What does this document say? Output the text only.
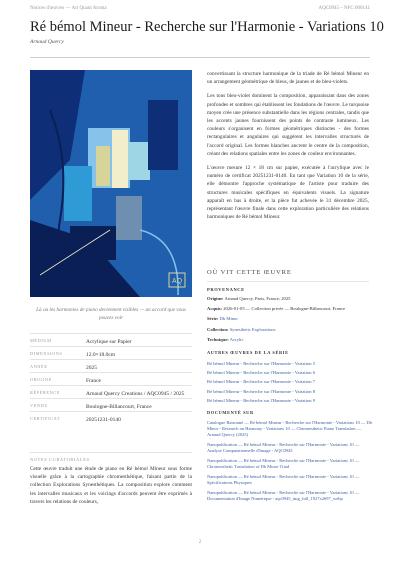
Notices d'œuvres — Art Quant Aroma	AQC0945 – NFC 000141
Ré bémol Mineur - Recherche sur l'Harmonie - Variations 10
Arnaud Quercy
AQ
Là où les harmonies de piano deviennent visibles — un accord que vous pouvez voir
MÉDIUM	Acrylique sur Papier
DIMENSIONS	12.0×18.0cm
ANNÉE	2025
ORIGINE	France
RÉFÉRENCE	Arnaud Quercy Creations / AQC0945 / 2025
VENDU	Boulogne-Billancourt, France
CERTIFICAT	20251231-0140
NOTES CURATORIALES

Cette œuvre traduit une étude de piano en Ré bémol Mineur sous forme visuelle grâce à la cartographie chromesthétique, faisant partie de la collection Explorations Synesthétiques. La composition explore comment les intervalles musicaux et les voicings d'accords peuvent être exprimés à travers les relations de couleurs,

convertissant la structure harmonique de la triade de Ré bémol Mineur en un arrangement géométrique de bleus, de jaunes et de bleu-violets.

Les tons bleu-violet dominent la composition, apparaissant dans des zones profondes et sombres qui établissent les fondations de l'œuvre. Le turquoise moyen crée une présence substantielle dans les régions centrales, tandis que les accents jaunes fournissent des points de contraste lumineux. Les couleurs s'organisent en formes géométriques distinctes - des formes rectangulaires et angulaires qui suggèrent les intervalles structurés de l'accord original. Les formes blanches ancrent le centre de la composition, créant des relations spatiales entre les zones de couleur environnantes.

L'œuvre mesure 12 × 18 cm sur papier, exécutée à l'acrylique avec le numéro de certificat 20251231-0140. En tant que Variation 10 de la série, elle démontre l'approche systématique de l'artiste pour traduire des structures musicales spécifiques en équivalents visuels. La signature apparaît en bas à droite, et la pièce fut achevée le 31 décembre 2025, représentant l'œuvre finale dans cette exploration particulière des relations harmoniques de Ré bémol Mineur.

OÙ VIT CETTE ŒUVRE
PROVENANCE
Origine: Arnaud Quercy, Paris, France, 2025
Acquis: 2026-01-05 — Collection privée — Boulogne-Billancourt, France
Série: Db Minor
Collection: Synesthetic Explorations
Technique: Acrylic
AUTRES ŒUVRES DE LA SÉRIE
Ré bémol Mineur - Recherche sur l'Harmonie - Variation 5
Ré bémol Mineur - Recherche sur l'Harmonie - Variation 6
Ré bémol Mineur - Recherche sur l'Harmonie - Variation 7
Ré bémol Mineur - Recherche sur l'Harmonie - Variation 8
Ré bémol Mineur - Recherche sur l'Harmonie - Variation 9
DOCUMENTÉ SUR
Catalogue Raisonné — Ré bémol Mineur - Recherche sur l'Harmonie - Variations 10 — Db Minor - Research on Harmony - Variations 10 — Chromesthetic Piano Translation — Arnaud Quercy (2025)
Nanopublication — Ré bémol Mineur - Recherche sur l'Harmonie - Variations 10 — Analyse Computationnelle d'Image - AQC0945
Nanopublication — Ré bémol Mineur - Recherche sur l'Harmonie - Variations 10 — Chromesthetic Translation of Db Minor Triad
Nanopublication — Ré bémol Mineur - Recherche sur l'Harmonie - Variations 10 — Spécifications Physiques
Nanopublication — Ré bémol Mineur - Recherche sur l'Harmonie - Variations 10 — Documentation d'Image Numérique - aqc0945_img_full_1927x2697_webp
2
